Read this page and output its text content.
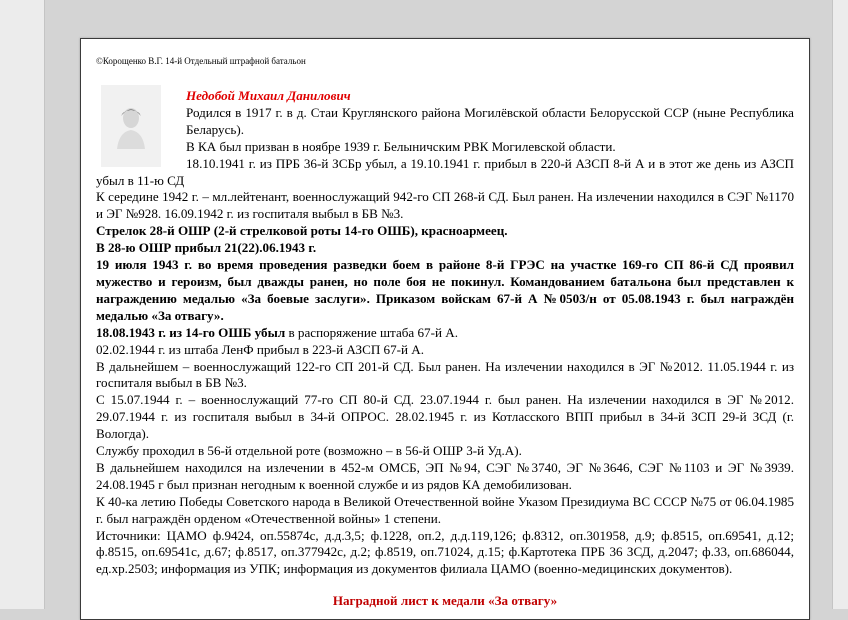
©Корощенко В.Г. 14-й Отдельный штрафной батальон

Недобой Михаил Данилович

Родился в 1917 г. в д. Стаи Круглянского района Могилёвской области Белорусской ССР (ныне Республика Беларусь).

В КА был призван в ноябре 1939 г. Белыничским РВК Могилевской области.

18.10.1941 г. из ПРБ 36-й ЗСБр убыл, а 19.10.1941 г. прибыл в 220-й АЗСП 8-й А и в этот же день из АЗСП убыл в 11-ю СД

К середине 1942 г. – мл.лейтенант, военнослужащий 942-го СП 268-й СД. Был ранен. На излечении находился в СЭГ №1170 и ЭГ №928. 16.09.1942 г. из госпиталя выбыл в БВ №3.

Стрелок 28-й ОШР (2-й стрелковой роты 14-го ОШБ), красноармеец.

В 28-ю ОШР прибыл 21(22).06.1943 г.

19 июля 1943 г. во время проведения разведки боем в районе 8-й ГРЭС на участке 169-го СП 86-й СД проявил мужество и героизм, был дважды ранен, но поле боя не покинул. Командованием батальона был представлен к награждению медалью «За боевые заслуги». Приказом войскам 67-й А №0503/н от 05.08.1943 г. был награждён медалью «За отвагу».

18.08.1943 г. из 14-го ОШБ убыл в распоряжение штаба 67-й А.

02.02.1944 г. из штаба ЛенФ прибыл в 223-й АЗСП 67-й А.

В дальнейшем – военнослужащий 122-го СП 201-й СД. Был ранен. На излечении находился в ЭГ №2012. 11.05.1944 г. из госпиталя выбыл в БВ №3.

С 15.07.1944 г. – военнослужащий 77-го СП 80-й СД. 23.07.1944 г. был ранен. На излечении находился в ЭГ №2012. 29.07.1944 г. из госпиталя выбыл в 34-й ОПРОС. 28.02.1945 г. из Котласского ВПП прибыл в 34-й ЗСП 29-й ЗСД (г. Вологда).

Службу проходил в 56-й отдельной роте (возможно – в 56-й ОШР 3-й Уд.А).

В дальнейшем находился на излечении в 452-м ОМСБ, ЭП №94, СЭГ №3740, ЭГ №3646, СЭГ №1103 и ЭГ №3939. 24.08.1945 г был признан негодным к военной службе и из рядов КА демобилизован.

К 40-ка летию Победы Советского народа в Великой Отечественной войне Указом Президиума ВС СССР №75 от 06.04.1985 г. был награждён орденом «Отечественной войны» 1 степени.

Источники: ЦАМО ф.9424, оп.55874с, д.д.3,5; ф.1228, оп.2, д.д.119,126; ф.8312, оп.301958, д.9; ф.8515, оп.69541, д.12; ф.8515, оп.69541с, д.67; ф.8517, оп.377942с, д.2; ф.8519, оп.71024, д.15; ф.Картотека ПРБ 36 ЗСД, д.2047; ф.33, оп.686044, ед.хр.2503; информация из УПК; информация из документов филиала ЦАМО (военно-медицинских документов).

Наградной лист к медали «За отвагу»
